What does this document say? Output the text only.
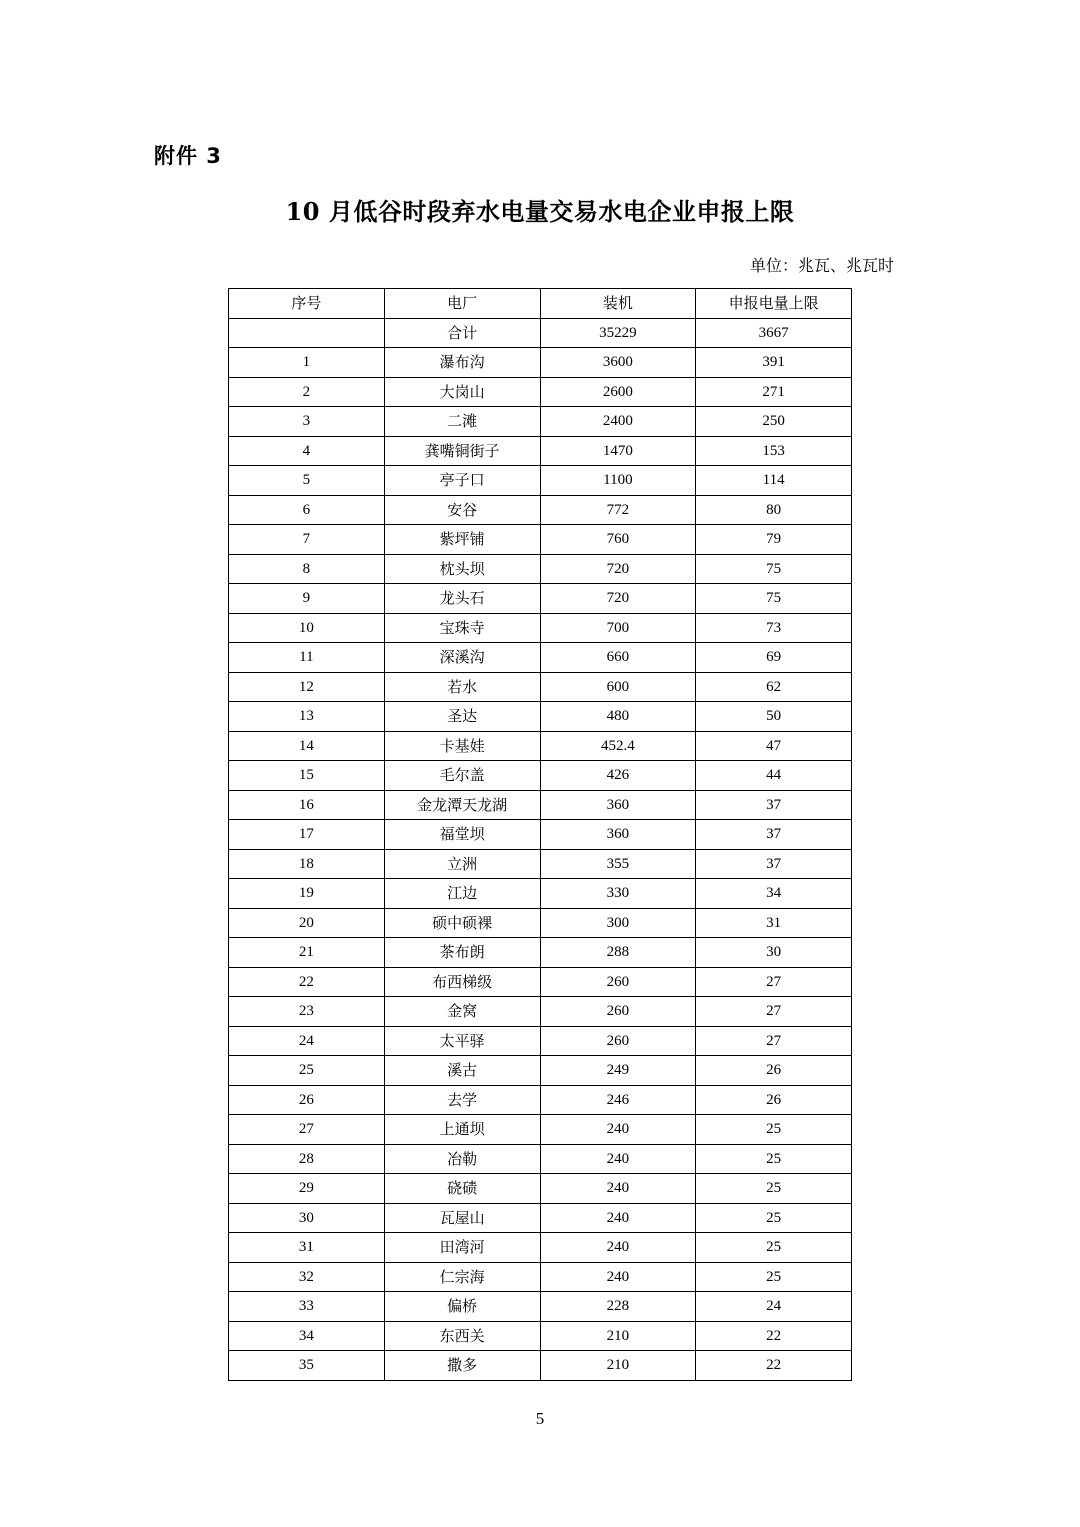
附件 3
10 月低谷时段弃水电量交易水电企业申报上限
单位：兆瓦、兆瓦时
序号	电厂	装机	申报电量上限
	合计	35229	3667
1	瀑布沟	3600	391
2	大岗山	2600	271
3	二滩	2400	250
4	龚嘴铜街子	1470	153
5	亭子口	1100	114
6	安谷	772	80
7	紫坪铺	760	79
8	枕头坝	720	75
9	龙头石	720	75
10	宝珠寺	700	73
11	深溪沟	660	69
12	若水	600	62
13	圣达	480	50
14	卡基娃	452.4	47
15	毛尔盖	426	44
16	金龙潭天龙湖	360	37
17	福堂坝	360	37
18	立洲	355	37
19	江边	330	34
20	硕中硕裸	300	31
21	茶布朗	288	30
22	布西梯级	260	27
23	金窝	260	27
24	太平驿	260	27
25	溪古	249	26
26	去学	246	26
27	上通坝	240	25
28	冶勒	240	25
29	硗碛	240	25
30	瓦屋山	240	25
31	田湾河	240	25
32	仁宗海	240	25
33	偏桥	228	24
34	东西关	210	22
35	撒多	210	22
5
